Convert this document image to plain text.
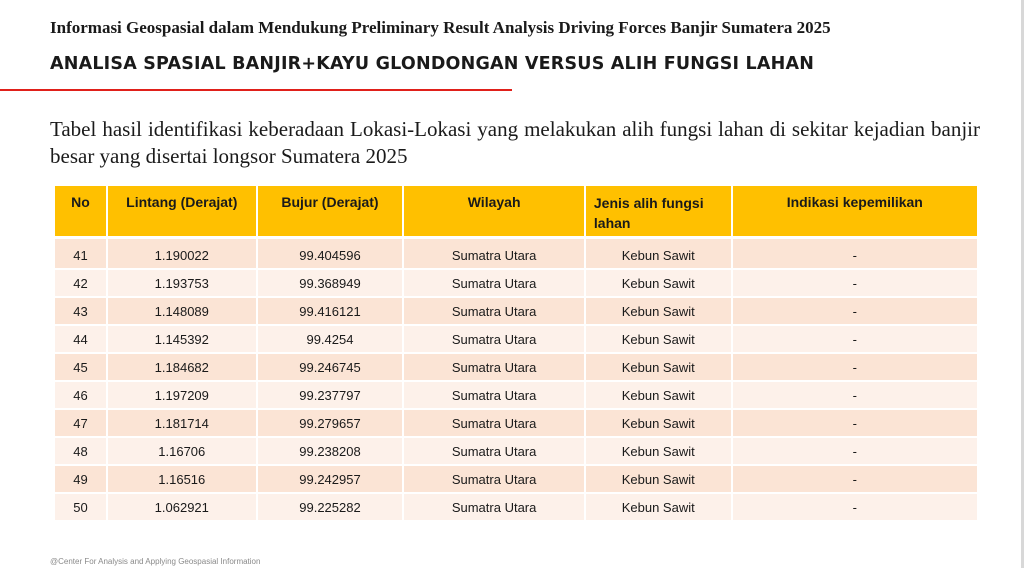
Informasi Geospasial dalam Mendukung Preliminary Result Analysis Driving Forces Banjir Sumatera 2025
ANALISA SPASIAL BANJIR+KAYU GLONDONGAN VERSUS ALIH FUNGSI LAHAN
Tabel hasil identifikasi keberadaan Lokasi-Lokasi yang melakukan alih fungsi lahan di sekitar kejadian banjir besar yang disertai longsor Sumatera 2025
No	Lintang (Derajat)	Bujur (Derajat)	Wilayah	Jenis alih fungsi lahan	Indikasi kepemilikan
41	1.190022	99.404596	Sumatra Utara	Kebun Sawit	-
42	1.193753	99.368949	Sumatra Utara	Kebun Sawit	-
43	1.148089	99.416121	Sumatra Utara	Kebun Sawit	-
44	1.145392	99.4254	Sumatra Utara	Kebun Sawit	-
45	1.184682	99.246745	Sumatra Utara	Kebun Sawit	-
46	1.197209	99.237797	Sumatra Utara	Kebun Sawit	-
47	1.181714	99.279657	Sumatra Utara	Kebun Sawit	-
48	1.16706	99.238208	Sumatra Utara	Kebun Sawit	-
49	1.16516	99.242957	Sumatra Utara	Kebun Sawit	-
50	1.062921	99.225282	Sumatra Utara	Kebun Sawit	-
@Center For Analysis and Applying Geospasial Information
